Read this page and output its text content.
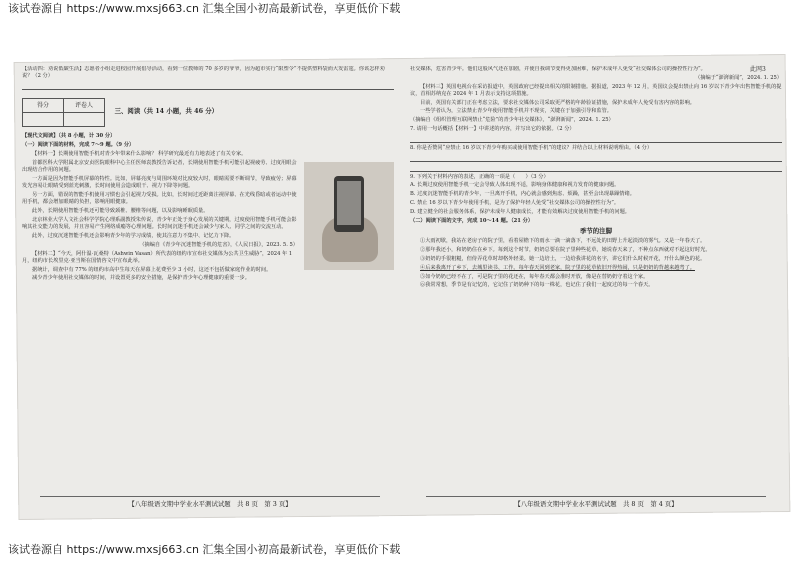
该试卷源自 https://www.mxsj663.cn 汇集全国小初高最新试卷，享更低价下载
此网3

【活动四：劝说低碳生活】志愿者小组走进校园开展倡导活动，看到一位教师的 70 多岁的爷爷，因为超市实行“限塑令”不提供塑料袋而大发雷霆。你该怎样劝说？（2 分）

得分	评卷人
	三、阅读（共 14 小题，共 46 分）

【现代文阅读】（共 8 小题，计 30 分）

（一）阅读下面的材料，完成 7～9 题。（9 分）

【材料一】长期使用智能手机对青少年带来什么影响？ 科学研究最近有力地表述了有关专家。

首都医科大学附属北京安贞医院眼科中心主任医师袁教授告诉记者，长期使用智能手机可能引起视疲劳、过度用眼会出现结合作用的问题。

一方面是因为智能手机屏幕的特性。比如，屏幕亮度与周围环境对比度较大时，眼睛需要不断调节，导致疲劳；屏幕发光容易让眼睛受到蓝光刺激，长时间使用会造成眼干、视力下降等问题。

另一方面，错误的智能手机使用习惯也会引起视力受损。比如，长时间过近距离注视屏幕、在光线昏暗或者运动中使用手机，都会增加眼睛的负担，影响用眼健康。

此外，长期使用智能手机还可能导致颈椎、腰椎等问题，以及影响睡眠质量。

北京林业大学人文社会科学学院心理系副教授朱传说，青少年正处于身心发展的关键期，过度使用智能手机可能会影响其社交能力的发展，并且容易产生网络成瘾等心理问题。长时间沉迷手机还会减少与家人、同学之间的交流互动。

此外，过度沉迷智能手机还会影响青少年的学习成绩，使其注意力不集中、记忆力下降。

（摘编自《青少年沉迷智能手机的危害》，《人民日报》，2023. 5. 5）

【材料二】“今天，阿什温·瓦桑特（Ashwin Vasan）所代表的纽约市宣布社交媒体为公共卫生威胁”，2024 年 1 月，纽约市长埃里克·亚当斯在国情咨文中宣布此举。

据统计，调查中有 77% 的纽约市高中生每天在屏幕上花费至少 3 小时，这还不包括做家庭作业的时间。

减少青少年使用社交媒体的时间，并设置更多的安全措施，是保护青少年心理健康的重要一步。

【八年级语文期中学业水平测试试题　共 8 页　第 3 页】

社交媒体，危害青少年。他们这股风气还在加剧，并使自我调节变得更加困难，保护未成年人免受“社交媒体公司的操控性行为”。

（摘编于“澎湃新闻”，2024. 1. 25）

【材料三】英国电视台在采访报道中，英国政府已经提出相关的限制措施。据报道，2023 年 12 月，英国议会提出禁止向 16 岁以下青少年出售智能手机的提议，首相苏纳克在 2024 年 1 月表示支持这项措施。

目前，英国有关部门正在考虑立法，要求社交媒体公司采取更严格的年龄验证措施，保护未成年人免受有害内容的影响。

一些学者认为，立法禁止青少年使用智能手机并不现实，关键在于加强引导和监管。

（摘编自《组织管理互联网禁止“危险”的青少年社交媒体》，“澎湃新闻”，2024. 1. 25）

7. 请用一句话概括【材料一】中讲述的内容，并写出它的依据。（2 分）

8. 你是否赞同“应禁止 16 岁以下青少年购买或使用智能手机”的建议？并结合以上材料说明理由。（4 分）

9. 下列关于材料内容的表述，正确的一项是（　　）（3 分）

A. 长期过度使用智能手机一定会导致人体出现不适，影响身体健康和视力发育的健康问题。

B. 过度沉迷智能手机的青少年，一旦离开手机，内心就会感到焦虑、烦躁，甚至会出现暴躁情绪。

C. 禁止 16 岁以下青少年使用手机，是为了保护年轻人免受“社交媒体公司的操控性行为”。

D. 建立健全的社会服务体系，保护未成年人健康成长，才能有效解决过度使用智能手机的问题。

（二）阅读下面的文字，完成 10～14 题。（21 分）

季节的注脚

①大雨初歇，我站在老房子的院子里，看着屋檐下的雨水一滴一滴落下，不远处的田野上升起淡淡的雾气。又是一年春天了。

②那年我还小，和奶奶住在乡下。每到这个时节，奶奶总要在院子里种些花草，她说春天来了，不种点东西就对不起这好时光。

③奶奶的手很粗糙，但侍弄花草时却格外轻柔。她一边培土，一边给我讲花的名字，讲它们什么时候开花，开什么颜色的花。

④后来我离开了乡下，去城里读书、工作。每年春天回到老家，院子里的花草依旧开得热闹，只是奶奶的背越来越弯了。

⑤如今奶奶已经不在了，可是院子里的花还在，每年春天都会准时开放，像是在替奶奶守着这个家。

⑥我常常想，季节是有记忆的，它记住了奶奶种下的每一株花，也记住了我们一起度过的每一个春天。

【八年级语文期中学业水平测试试题　共 8 页　第 4 页】
该试卷源自 https://www.mxsj663.cn 汇集全国小初高最新试卷，享更低价下载
